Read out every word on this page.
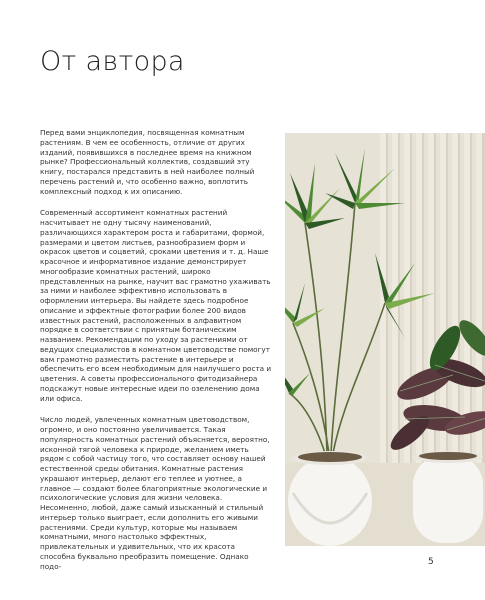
От автора

Перед вами энциклопедия, посвященная комнатным растениям. В чем ее особенность, отличие от других изданий, появившихся в последнее время на книжном рынке? Профессиональный коллектив, создавший эту книгу, постарался представить в ней наиболее полный перечень растений и, что особенно важно, воплотить комплексный подход к их описанию.

Современный ассортимент комнатных растений насчитывает не одну тысячу наименований, различающихся характером роста и габаритами, формой, размерами и цветом листьев, разнообразием форм и окрасок цветов и соцветий, сроками цветения и т. д. Наше красочное и информативное издание демонстрирует многообразие комнатных растений, широко представленных на рынке, научит вас грамотно ухаживать за ними и наиболее эффективно использовать в оформлении интерьера. Вы найдете здесь подробное описание и эффектные фотографии более 200 видов известных растений, расположенных в алфавитном порядке в соответствии с принятым ботаническим названием. Рекомендации по уходу за растениями от ведущих специалистов в комнатном цветоводстве помогут вам грамотно разместить растение в интерьере и обеспечить его всем необходимым для наилучшего роста и цветения. А советы профессионального фитодизайнера подскажут новые интересные идеи по озеленению дома или офиса.

Число людей, увлеченных комнатным цветоводством, огромно, и оно постоянно увеличивается. Такая популярность комнатных растений объясняется, вероятно, исконной тягой человека к природе, желанием иметь рядом с собой частицу того, что составляет основу нашей естественной среды обитания. Комнатные растения украшают интерьер, делают его теплее и уютнее, а главное — создают более благоприятные экологические и психологические условия для жизни человека. Несомненно, любой, даже самый изысканный и стильный интерьер только выиграет, если дополнить его живыми растениями. Среди культур, которые мы называем комнатными, много настолько эффектных, привлекательных и удивительных, что их красота способна буквально преобразить помещение. Однако подо-	5
